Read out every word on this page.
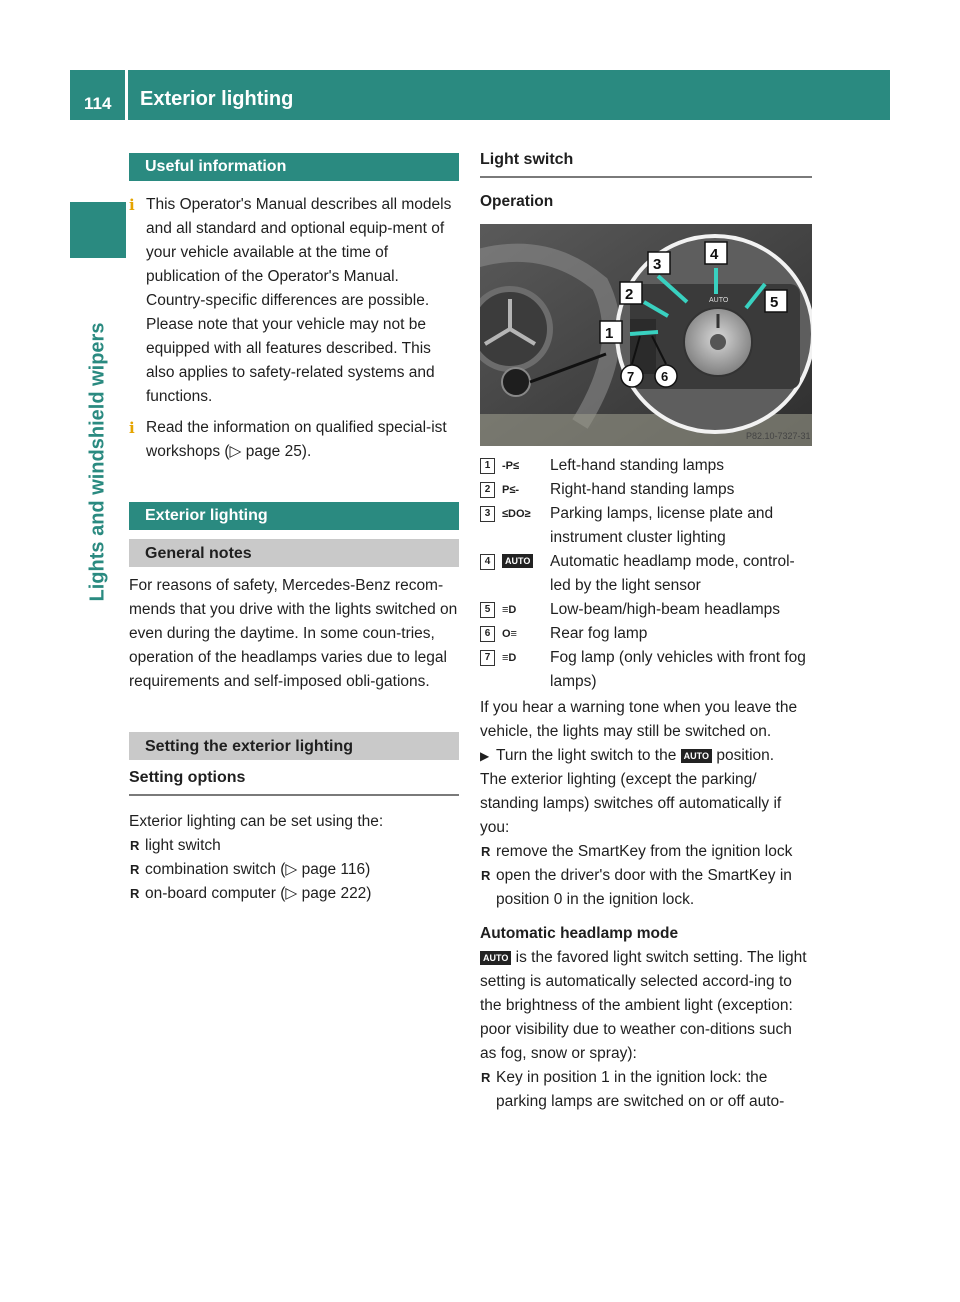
114 Exterior lighting
Lights and windshield wipers
Useful information
i This Operator's Manual describes all models and all standard and optional equip-ment of your vehicle available at the time of publication of the Operator's Manual. Country-specific differences are possible. Please note that your vehicle may not be equipped with all features described. This also applies to safety-related systems and functions.

i Read the information on qualified special-ist workshops (▷ page 25).

Exterior lighting
General notes

For reasons of safety, Mercedes-Benz recom-mends that you drive with the lights switched on even during the daytime. In some coun-tries, operation of the headlamps varies due to legal requirements and self-imposed obli-gations.

Setting the exterior lighting

Setting options

Exterior lighting can be set using the:

R light switch
R combination switch (▷ page 116)
R on-board computer (▷ page 222)

Light switch

Operation

AUTO
1
2
3
4
5
6
7
P82.10-7327-31
1	-P≤	Left-hand standing lamps
2	P≤-	Right-hand standing lamps
3	≤DO≥	Parking lamps, license plate and instrument cluster lighting
4	AUTO	Automatic headlamp mode, control-led by the light sensor
5	≡D	Low-beam/high-beam headlamps
6	O≡	Rear fog lamp
7	≡D	Fog lamp (only vehicles with front fog lamps)

If you hear a warning tone when you leave the vehicle, the lights may still be switched on.

▶ Turn the light switch to the AUTO position.

The exterior lighting (except the parking/ standing lamps) switches off automatically if you:

R remove the SmartKey from the ignition lock
R open the driver's door with the SmartKey in position 0 in the ignition lock.

Automatic headlamp mode

AUTO is the favored light switch setting. The light setting is automatically selected accord-ing to the brightness of the ambient light (exception: poor visibility due to weather con-ditions such as fog, snow or spray):

R Key in position 1 in the ignition lock: the parking lamps are switched on or off auto-
